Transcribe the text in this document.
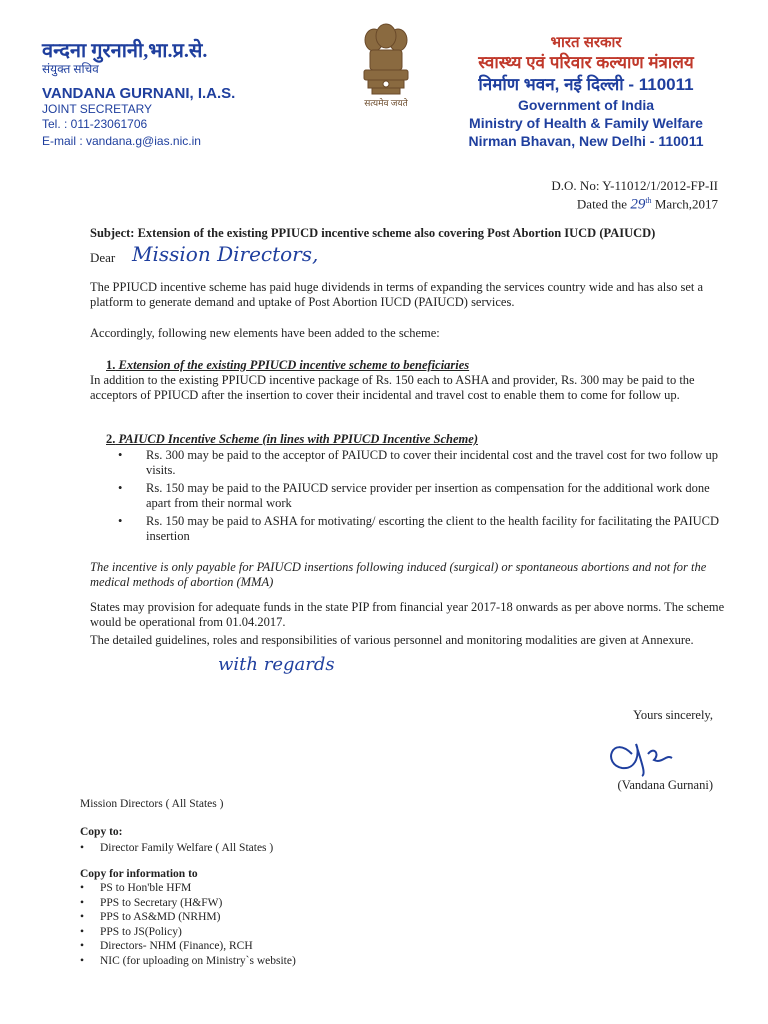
वन्दना गुरनानी,भा.प्र.से.
संयुक्त सचिव
VANDANA GURNANI, I.A.S.
JOINT SECRETARY
Tel. : 011-23061706
E-mail : vandana.g@ias.nic.in
सत्यमेव जयते
भारत सरकार
स्वास्थ्य एवं परिवार कल्याण मंत्रालय
निर्माण भवन, नई दिल्ली - 110011
Government of India
Ministry of Health & Family Welfare
Nirman Bhavan, New Delhi - 110011
D.O. No: Y-11012/1/2012-FP-II
Dated the 29th March,2017
Subject: Extension of the existing PPIUCD incentive scheme also covering Post Abortion IUCD (PAIUCD)
Dear Mission Directors,
The PPIUCD incentive scheme has paid huge dividends in terms of expanding the services country wide and has also set a platform to generate demand and uptake of Post Abortion IUCD (PAIUCD) services.
Accordingly, following new elements have been added to the scheme:
1. Extension of the existing PPIUCD incentive scheme to beneficiaries
In addition to the existing PPIUCD incentive package of Rs. 150 each to ASHA and provider, Rs. 300 may be paid to the acceptors of PPIUCD after the insertion to cover their incidental and travel cost to enable them to come for follow up.
2. PAIUCD Incentive Scheme (in lines with PPIUCD Incentive Scheme)
• Rs. 300 may be paid to the acceptor of PAIUCD to cover their incidental cost and the travel cost for two follow up visits.
• Rs. 150 may be paid to the PAIUCD service provider per insertion as compensation for the additional work done apart from their normal work
• Rs. 150 may be paid to ASHA for motivating/ escorting the client to the health facility for facilitating the PAIUCD insertion
The incentive is only payable for PAIUCD insertions following induced (surgical) or spontaneous abortions and not for the medical methods of abortion (MMA)
States may provision for adequate funds in the state PIP from financial year 2017-18 onwards as per above norms. The scheme would be operational from 01.04.2017.
The detailed guidelines, roles and responsibilities of various personnel and monitoring modalities are given at Annexure.
with regards
Yours sincerely,
(Vandana Gurnani)
Mission Directors ( All States )
Copy to:
• Director Family Welfare ( All States )
Copy for information to
• PS to Hon'ble HFM
• PPS to Secretary (H&FW)
• PPS to AS&MD (NRHM)
• PPS to JS(Policy)
• Directors- NHM (Finance), RCH
• NIC (for uploading on Ministry`s website)
